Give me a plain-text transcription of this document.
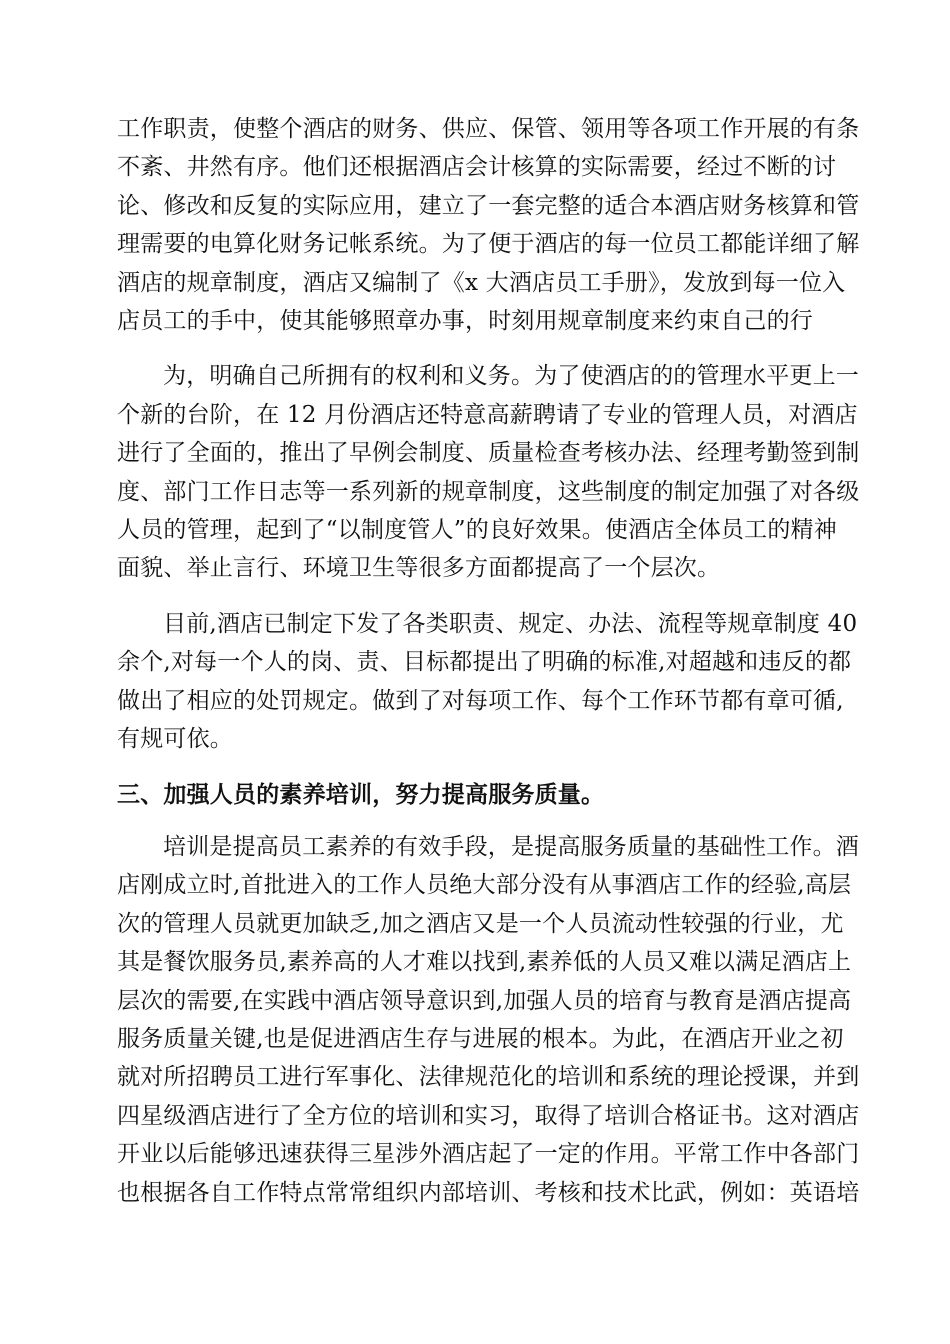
工作职责，使整个酒店的财务、供应、保管、领用等各项工作开展的有条
不紊、井然有序。他们还根据酒店会计核算的实际需要，经过不断的讨
论、修改和反复的实际应用，建立了一套完整的适合本酒店财务核算和管
理需要的电算化财务记帐系统。为了便于酒店的每一位员工都能详细了解
酒店的规章制度，酒店又编制了《x 大酒店员工手册》，发放到每一位入
店员工的手中，使其能够照章办事，时刻用规章制度来约束自己的行
为，明确自己所拥有的权利和义务。为了使酒店的的管理水平更上一
个新的台阶，在 12 月份酒店还特意高薪聘请了专业的管理人员，对酒店
进行了全面的，推出了早例会制度、质量检查考核办法、经理考勤签到制
度、部门工作日志等一系列新的规章制度，这些制度的制定加强了对各级
人员的管理，起到了“以制度管人”的良好效果。使酒店全体员工的精神
面貌、举止言行、环境卫生等很多方面都提高了一个层次。
目前,酒店已制定下发了各类职责、规定、办法、流程等规章制度 40
余个,对每一个人的岗、责、目标都提出了明确的标准,对超越和违反的都
做出了相应的处罚规定。做到了对每项工作、每个工作环节都有章可循,
有规可依。
三、加强人员的素养培训，努力提高服务质量。
培训是提高员工素养的有效手段，是提高服务质量的基础性工作。酒
店刚成立时,首批进入的工作人员绝大部分没有从事酒店工作的经验,高层
次的管理人员就更加缺乏,加之酒店又是一个人员流动性较强的行业，尤
其是餐饮服务员,素养高的人才难以找到,素养低的人员又难以满足酒店上
层次的需要,在实践中酒店领导意识到,加强人员的培育与教育是酒店提高
服务质量关键,也是促进酒店生存与进展的根本。为此，在酒店开业之初
就对所招聘员工进行军事化、法律规范化的培训和系统的理论授课，并到
四星级酒店进行了全方位的培训和实习，取得了培训合格证书。这对酒店
开业以后能够迅速获得三星涉外酒店起了一定的作用。平常工作中各部门
也根据各自工作特点常常组织内部培训、考核和技术比武，例如：英语培
